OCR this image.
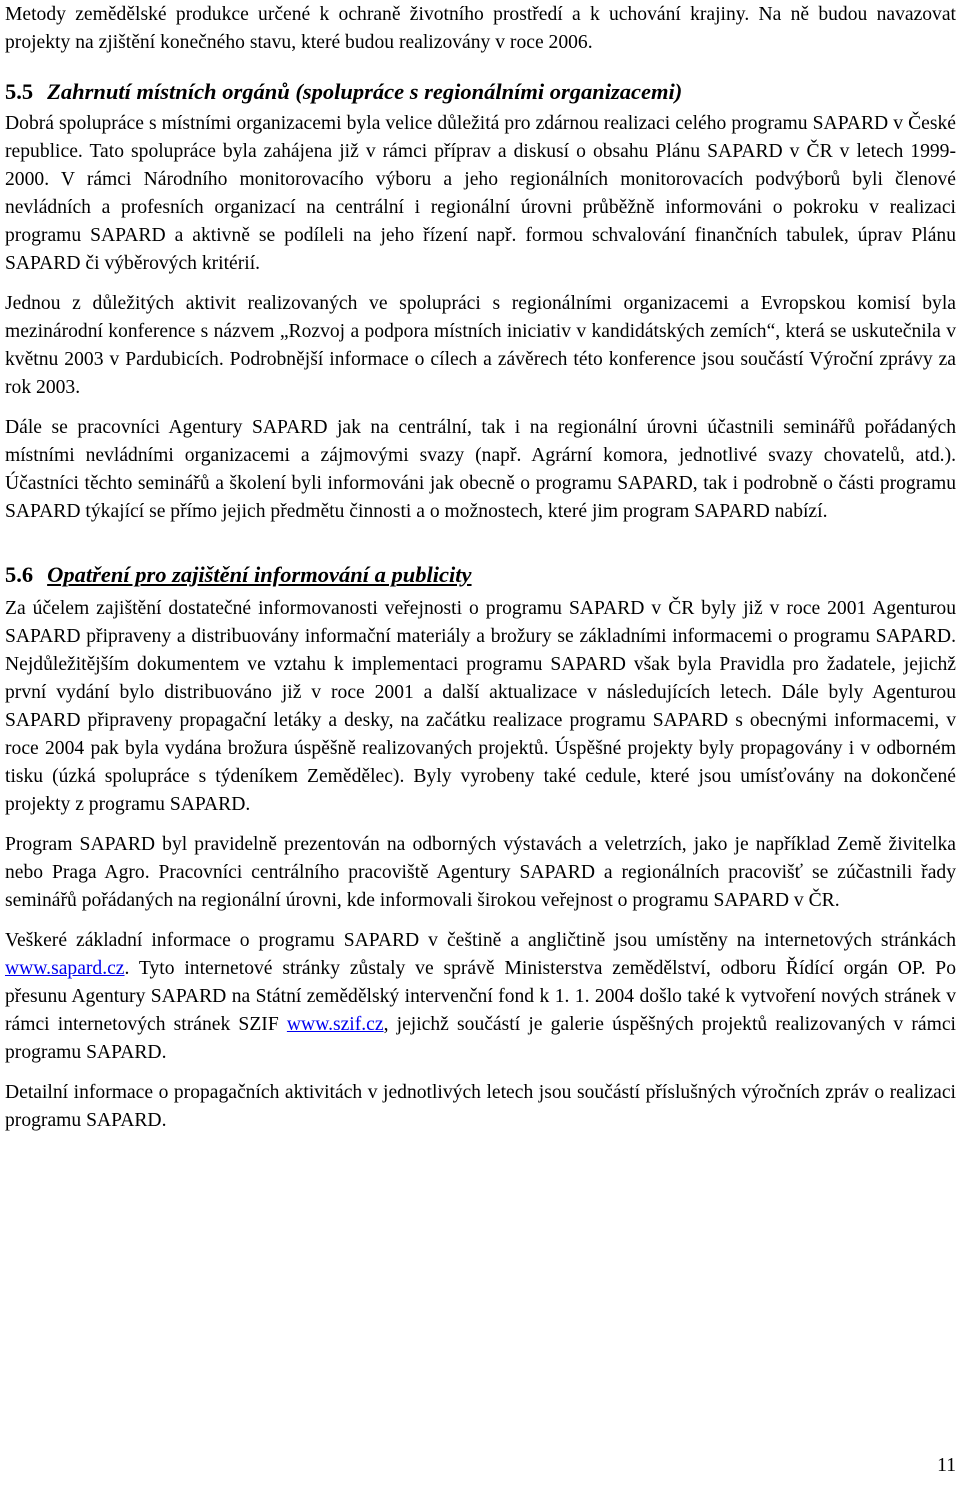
Metody zemědělské produkce určené k ochraně životního prostředí a k uchování krajiny. Na ně budou navazovat projekty na zjištění konečného stavu, které budou realizovány v roce 2006.

5.5 Zahrnutí místních orgánů (spolupráce s regionálními organizacemi)

Dobrá spolupráce s místními organizacemi byla velice důležitá pro zdárnou realizaci celého programu SAPARD v České republice. Tato spolupráce byla zahájena již v rámci příprav a diskusí o obsahu Plánu SAPARD v ČR v letech 1999-2000. V rámci Národního monitorovacího výboru a jeho regionálních monitorovacích podvýborů byli členové nevládních a profesních organizací na centrální i regionální úrovni průběžně informováni o pokroku v realizaci programu SAPARD a aktivně se podíleli na jeho řízení např. formou schvalování finančních tabulek, úprav Plánu SAPARD či výběrových kritérií.

Jednou z důležitých aktivit realizovaných ve spolupráci s regionálními organizacemi a Evropskou komisí byla mezinárodní konference s názvem „Rozvoj a podpora místních iniciativ v kandidátských zemích“, která se uskutečnila v květnu 2003 v Pardubicích. Podrobnější informace o cílech a závěrech této konference jsou součástí Výroční zprávy za rok 2003.

Dále se pracovníci Agentury SAPARD jak na centrální, tak i na regionální úrovni účastnili seminářů pořádaných místními nevládními organizacemi a zájmovými svazy (např. Agrární komora, jednotlivé svazy chovatelů, atd.). Účastníci těchto seminářů a školení byli informováni jak obecně o programu SAPARD, tak i podrobně o části programu SAPARD týkající se přímo jejich předmětu činnosti a o možnostech, které jim program SAPARD nabízí.

5.6 Opatření pro zajištění informování a publicity

Za účelem zajištění dostatečné informovanosti veřejnosti o programu SAPARD v ČR byly již v roce 2001 Agenturou SAPARD připraveny a distribuovány informační materiály a brožury se základními informacemi o programu SAPARD. Nejdůležitějším dokumentem ve vztahu k implementaci programu SAPARD však byla Pravidla pro žadatele, jejichž první vydání bylo distribuováno již v roce 2001 a další aktualizace v následujících letech. Dále byly Agenturou SAPARD připraveny propagační letáky a desky, na začátku realizace programu SAPARD s obecnými informacemi, v roce 2004 pak byla vydána brožura úspěšně realizovaných projektů. Úspěšné projekty byly propagovány i v odborném tisku (úzká spolupráce s týdeníkem Zemědělec). Byly vyrobeny také cedule, které jsou umísťovány na dokončené projekty z programu SAPARD.

Program SAPARD byl pravidelně prezentován na odborných výstavách a veletrzích, jako je například Země živitelka nebo Praga Agro. Pracovníci centrálního pracoviště Agentury SAPARD a regionálních pracovišť se zúčastnili řady seminářů pořádaných na regionální úrovni, kde informovali širokou veřejnost o programu SAPARD v ČR.

Veškeré základní informace o programu SAPARD v češtině a angličtině jsou umístěny na internetových stránkách www.sapard.cz. Tyto internetové stránky zůstaly ve správě Ministerstva zemědělství, odboru Řídící orgán OP. Po přesunu Agentury SAPARD na Státní zemědělský intervenční fond k 1. 1. 2004 došlo také k vytvoření nových stránek v rámci internetových stránek SZIF www.szif.cz, jejichž součástí je galerie úspěšných projektů realizovaných v rámci programu SAPARD.

Detailní informace o propagačních aktivitách v jednotlivých letech jsou součástí příslušných výročních zpráv o realizaci programu SAPARD.

11
